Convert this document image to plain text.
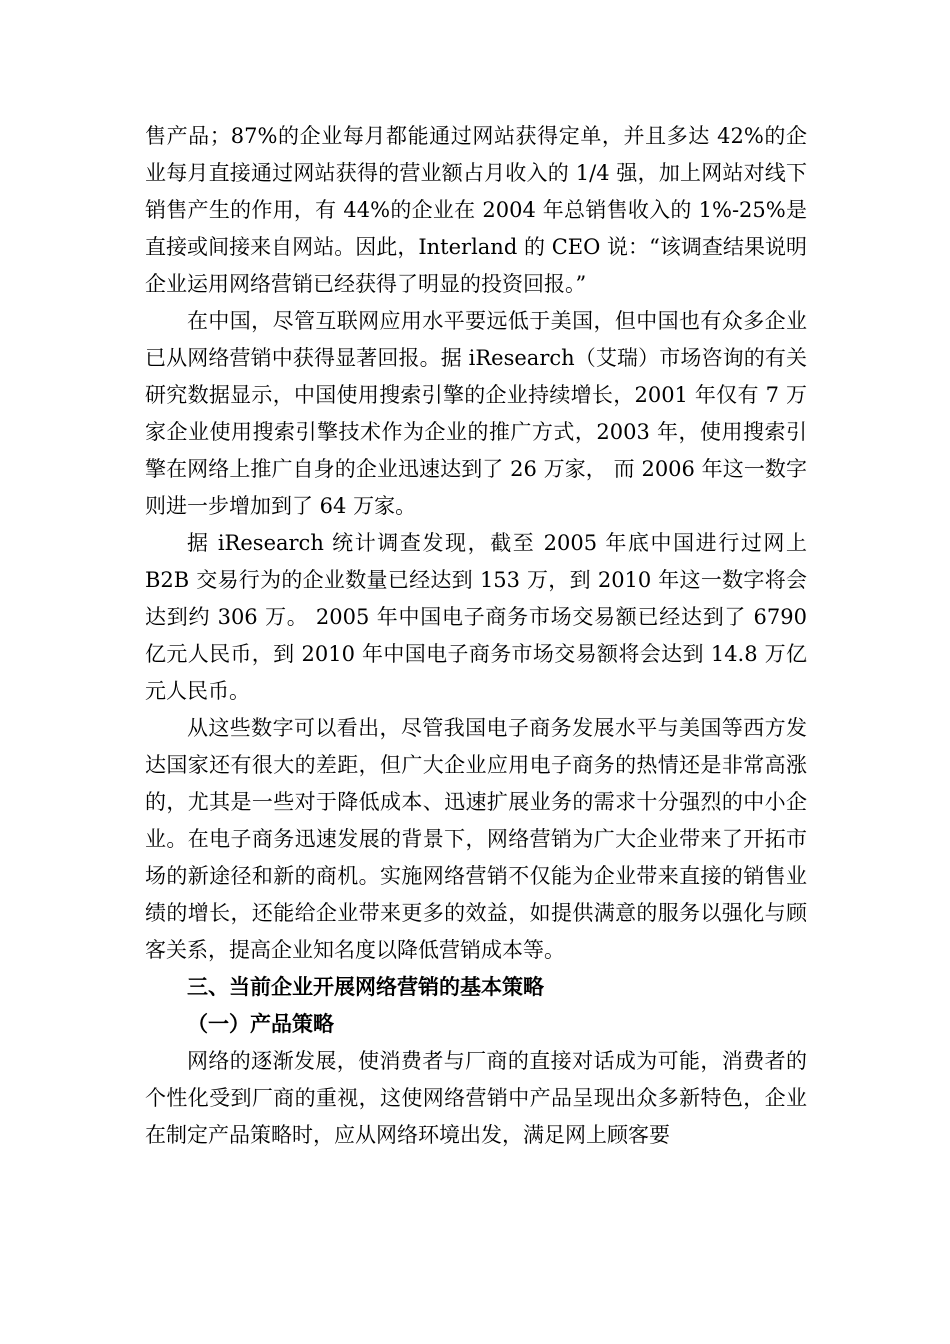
售产品；87%的企业每月都能通过网站获得定单，并且多达 42%的企业每月直接通过网站获得的营业额占月收入的 1/4 强，加上网站对线下销售产生的作用，有 44%的企业在 2004 年总销售收入的 1%-25%是直接或间接来自网站。因此，Interland 的 CEO 说：“该调查结果说明企业运用网络营销已经获得了明显的投资回报。”

在中国，尽管互联网应用水平要远低于美国，但中国也有众多企业已从网络营销中获得显著回报。据 iResearch（艾瑞）市场咨询的有关研究数据显示，中国使用搜索引擎的企业持续增长，2001 年仅有 7 万家企业使用搜索引擎技术作为企业的推广方式，2003 年，使用搜索引擎在网络上推广自身的企业迅速达到了 26 万家， 而 2006 年这一数字则进一步增加到了 64 万家。

据 iResearch 统计调查发现，截至 2005 年底中国进行过网上 B2B 交易行为的企业数量已经达到 153 万，到 2010 年这一数字将会达到约 306 万。 2005 年中国电子商务市场交易额已经达到了 6790 亿元人民币，到 2010 年中国电子商务市场交易额将会达到 14.8 万亿元人民币。

从这些数字可以看出，尽管我国电子商务发展水平与美国等西方发达国家还有很大的差距，但广大企业应用电子商务的热情还是非常高涨的，尤其是一些对于降低成本、迅速扩展业务的需求十分强烈的中小企业。在电子商务迅速发展的背景下，网络营销为广大企业带来了开拓市场的新途径和新的商机。实施网络营销不仅能为企业带来直接的销售业绩的增长，还能给企业带来更多的效益，如提供满意的服务以强化与顾客关系，提高企业知名度以降低营销成本等。

三、当前企业开展网络营销的基本策略
（一）产品策略

网络的逐渐发展，使消费者与厂商的直接对话成为可能，消费者的个性化受到厂商的重视，这使网络营销中产品呈现出众多新特色，企业在制定产品策略时，应从网络环境出发，满足网上顾客要
